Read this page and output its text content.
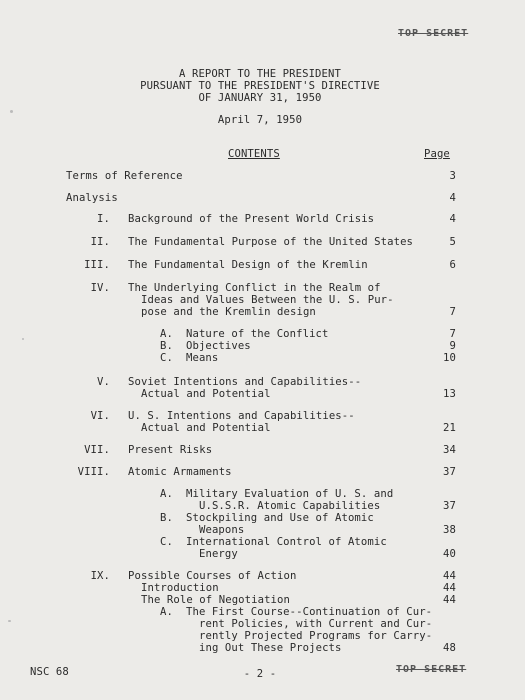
TOP SECRET
A REPORT TO THE PRESIDENT
PURSUANT TO THE PRESIDENT'S DIRECTIVE
OF JANUARY 31, 1950
April 7, 1950
CONTENTS	Page
Terms of Reference	3
Analysis	4
I. Background of the Present World Crisis	4
II. The Fundamental Purpose of the United States	5
III. The Fundamental Design of the Kremlin	6
IV. The Underlying Conflict in the Realm of
Ideas and Values Between the U. S. Pur-
pose and the Kremlin design	7
A. Nature of the Conflict	7
B. Objectives	9
C. Means	10
V. Soviet Intentions and Capabilities--
Actual and Potential	13
VI. U. S. Intentions and Capabilities--
Actual and Potential	21
VII. Present Risks	34
VIII. Atomic Armaments	37
A. Military Evaluation of U. S. and
U.S.S.R. Atomic Capabilities	37
B. Stockpiling and Use of Atomic
Weapons	38
C. International Control of Atomic
Energy	40
IX. Possible Courses of Action	44
Introduction	44
The Role of Negotiation	44
A. The First Course--Continuation of Cur-
rent Policies, with Current and Cur-
rently Projected Programs for Carry-
ing Out These Projects	48
NSC 68	- 2 -	TOP SECRET
